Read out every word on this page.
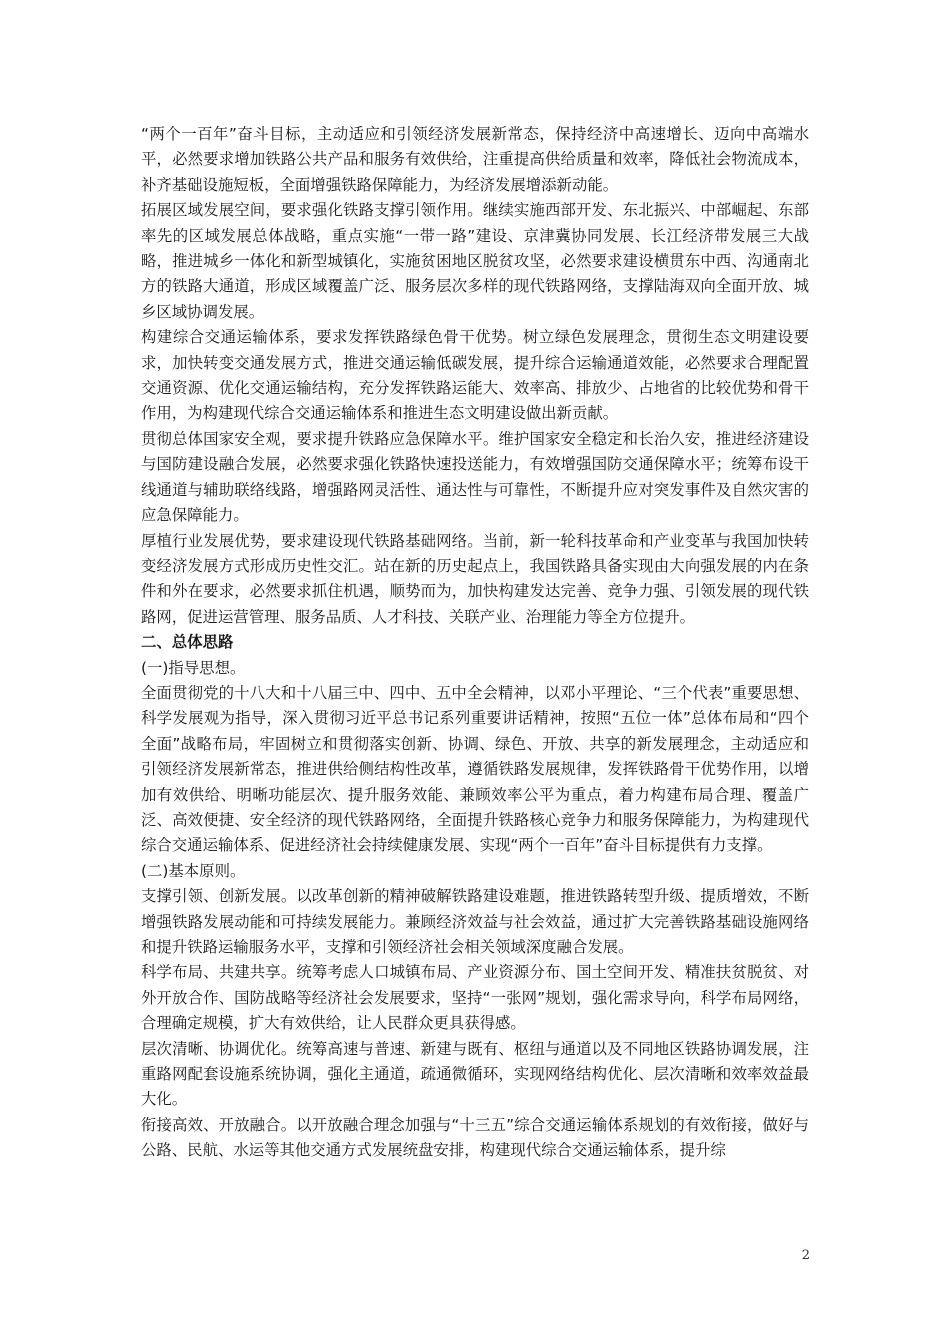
“两个一百年”奋斗目标，主动适应和引领经济发展新常态，保持经济中高速增长、迈向中高端水平，必然要求增加铁路公共产品和服务有效供给，注重提高供给质量和效率，降低社会物流成本，补齐基础设施短板，全面增强铁路保障能力，为经济发展增添新动能。

拓展区域发展空间，要求强化铁路支撑引领作用。继续实施西部开发、东北振兴、中部崛起、东部率先的区域发展总体战略，重点实施“一带一路”建设、京津冀协同发展、长江经济带发展三大战略，推进城乡一体化和新型城镇化，实施贫困地区脱贫攻坚，必然要求建设横贯东中西、沟通南北方的铁路大通道，形成区域覆盖广泛、服务层次多样的现代铁路网络，支撑陆海双向全面开放、城乡区域协调发展。

构建综合交通运输体系，要求发挥铁路绿色骨干优势。树立绿色发展理念，贯彻生态文明建设要求，加快转变交通发展方式，推进交通运输低碳发展，提升综合运输通道效能，必然要求合理配置交通资源、优化交通运输结构，充分发挥铁路运能大、效率高、排放少、占地省的比较优势和骨干作用，为构建现代综合交通运输体系和推进生态文明建设做出新贡献。

贯彻总体国家安全观，要求提升铁路应急保障水平。维护国家安全稳定和长治久安，推进经济建设与国防建设融合发展，必然要求强化铁路快速投送能力，有效增强国防交通保障水平；统筹布设干线通道与辅助联络线路，增强路网灵活性、通达性与可靠性，不断提升应对突发事件及自然灾害的应急保障能力。

厚植行业发展优势，要求建设现代铁路基础网络。当前，新一轮科技革命和产业变革与我国加快转变经济发展方式形成历史性交汇。站在新的历史起点上，我国铁路具备实现由大向强发展的内在条件和外在要求，必然要求抓住机遇，顺势而为，加快构建发达完善、竞争力强、引领发展的现代铁路网，促进运营管理、服务品质、人才科技、关联产业、治理能力等全方位提升。

二、总体思路

(一)指导思想。

全面贯彻党的十八大和十八届三中、四中、五中全会精神，以邓小平理论、“三个代表”重要思想、科学发展观为指导，深入贯彻习近平总书记系列重要讲话精神，按照“五位一体”总体布局和“四个全面”战略布局，牢固树立和贯彻落实创新、协调、绿色、开放、共享的新发展理念，主动适应和引领经济发展新常态，推进供给侧结构性改革，遵循铁路发展规律，发挥铁路骨干优势作用，以增加有效供给、明晰功能层次、提升服务效能、兼顾效率公平为重点，着力构建布局合理、覆盖广泛、高效便捷、安全经济的现代铁路网络，全面提升铁路核心竞争力和服务保障能力，为构建现代综合交通运输体系、促进经济社会持续健康发展、实现“两个一百年”奋斗目标提供有力支撑。

(二)基本原则。

支撑引领、创新发展。以改革创新的精神破解铁路建设难题，推进铁路转型升级、提质增效，不断增强铁路发展动能和可持续发展能力。兼顾经济效益与社会效益，通过扩大完善铁路基础设施网络和提升铁路运输服务水平，支撑和引领经济社会相关领域深度融合发展。

科学布局、共建共享。统筹考虑人口城镇布局、产业资源分布、国土空间开发、精准扶贫脱贫、对外开放合作、国防战略等经济社会发展要求，坚持“一张网”规划，强化需求导向，科学布局网络，合理确定规模，扩大有效供给，让人民群众更具获得感。

层次清晰、协调优化。统筹高速与普速、新建与既有、枢纽与通道以及不同地区铁路协调发展，注重路网配套设施系统协调，强化主通道，疏通微循环，实现网络结构优化、层次清晰和效率效益最大化。

衔接高效、开放融合。以开放融合理念加强与“十三五”综合交通运输体系规划的有效衔接，做好与公路、民航、水运等其他交通方式发展统盘安排，构建现代综合交通运输体系，提升综

2
